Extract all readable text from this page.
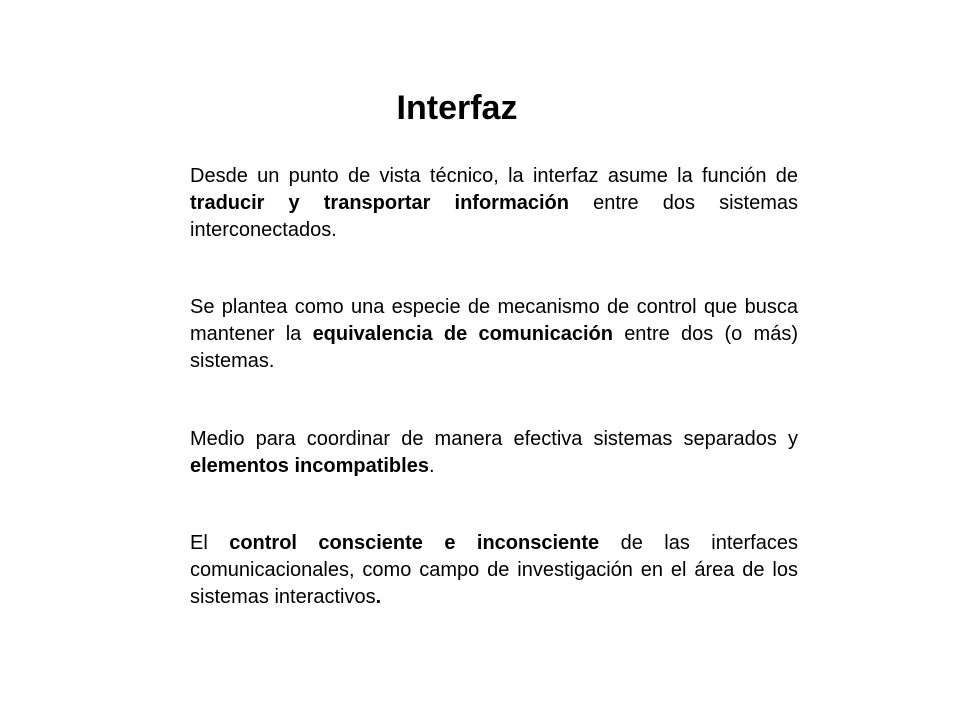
Interfaz

Desde un punto de vista técnico, la interfaz asume la función de traducir y transportar información entre dos sistemas interconectados.

Se plantea como una especie de mecanismo de control que busca mantener la equivalencia de comunicación entre dos (o más) sistemas.

Medio para coordinar de manera efectiva sistemas separados y elementos incompatibles.

El control consciente e inconsciente de las interfaces comunicacionales, como campo de investigación en el área de los sistemas interactivos.
